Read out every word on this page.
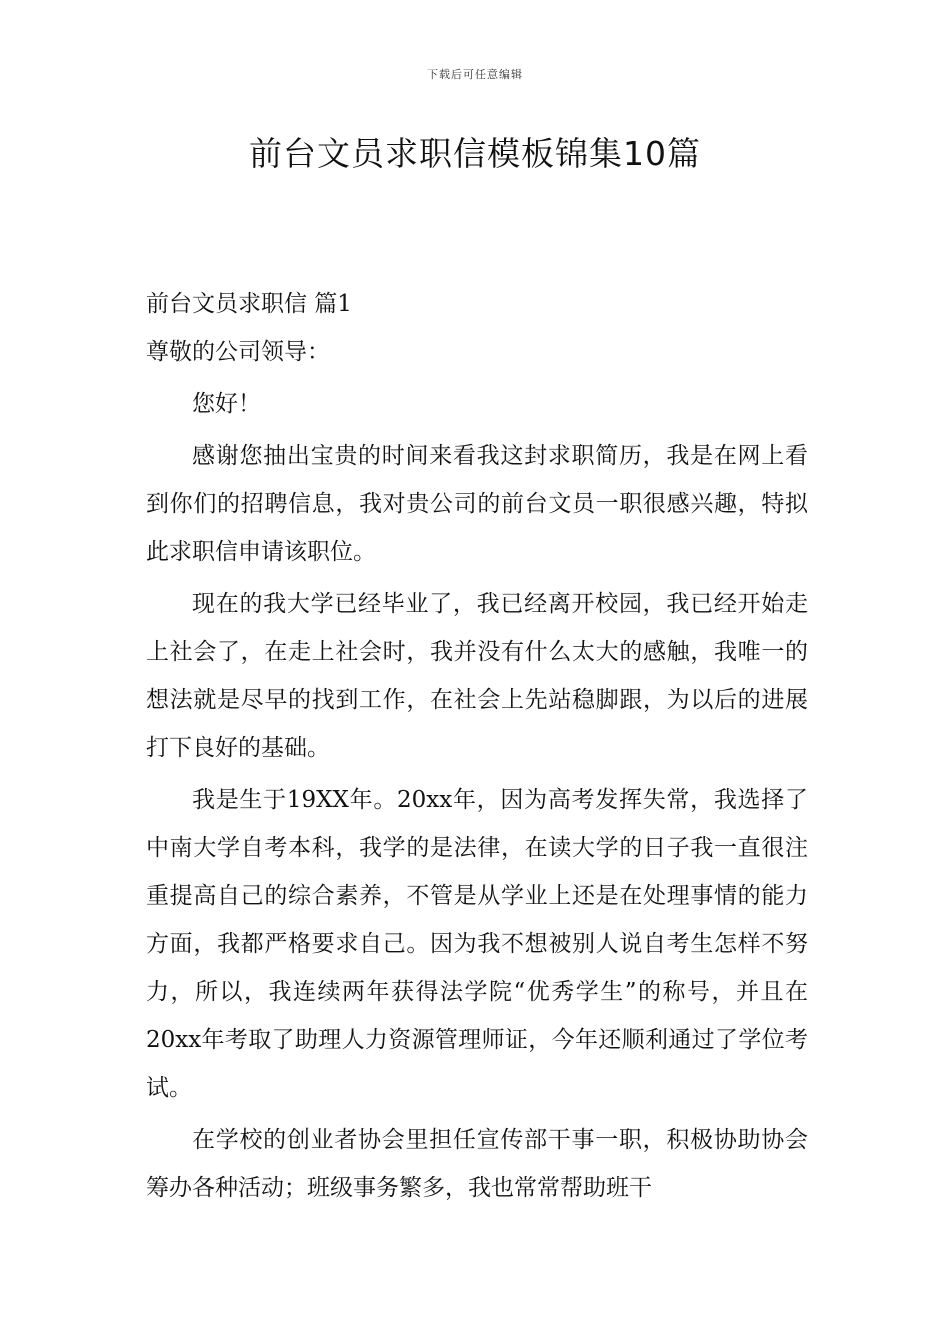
下载后可任意编辑
前台文员求职信模板锦集10篇

前台文员求职信 篇1

尊敬的公司领导：

您好！

感谢您抽出宝贵的时间来看我这封求职简历，我是在网上看到你们的招聘信息，我对贵公司的前台文员一职很感兴趣，特拟此求职信申请该职位。

现在的我大学已经毕业了，我已经离开校园，我已经开始走上社会了，在走上社会时，我并没有什么太大的感触，我唯一的想法就是尽早的找到工作，在社会上先站稳脚跟，为以后的进展打下良好的基础。

我是生于19XX年。20xx年，因为高考发挥失常，我选择了中南大学自考本科，我学的是法律，在读大学的日子我一直很注重提高自己的综合素养，不管是从学业上还是在处理事情的能力方面，我都严格要求自己。因为我不想被别人说自考生怎样不努力，所以，我连续两年获得法学院“优秀学生”的称号，并且在20xx年考取了助理人力资源管理师证，今年还顺利通过了学位考试。

在学校的创业者协会里担任宣传部干事一职，积极协助协会筹办各种活动；班级事务繁多，我也常常帮助班干
